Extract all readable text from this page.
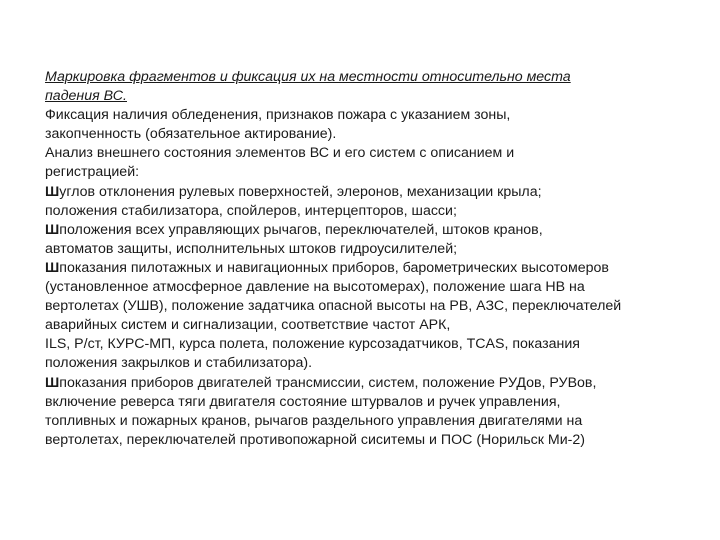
Маркировка фрагментов и фиксация их на местности относительно места
падения ВС.
Фиксация наличия обледенения, признаков пожара с указанием зоны,
закопченность (обязательное актирование).
Анализ внешнего состояния элементов ВС и его систем с описанием и
регистрацией:
Шуглов отклонения рулевых поверхностей, элеронов, механизации крыла;
положения стабилизатора, спойлеров, интерцепторов, шасси;
Шположения всех управляющих рычагов, переключателей, штоков кранов,
автоматов защиты, исполнительных штоков гидроусилителей;
Шпоказания пилотажных и навигационных приборов, барометрических высотомеров
(установленное атмосферное давление на высотомерах), положение шага НВ на
вертолетах (УШВ), положение задатчика опасной высоты на РВ, АЗС, переключателей
аварийных систем и сигнализации, соответствие частот АРК,
ILS, Р/ст, КУРС-МП, курса полета, положение курсозадатчиков, TCAS, показания
положения закрылков и стабилизатора).
Шпоказания приборов двигателей трансмиссии, систем, положение РУДов, РУВов,
включение реверса тяги двигателя состояние штурвалов и ручек управления,
топливных и пожарных кранов, рычагов раздельного управления двигателями на
вертолетах, переключателей противопожарной сиситемы и ПОС (Норильск Ми-2)
